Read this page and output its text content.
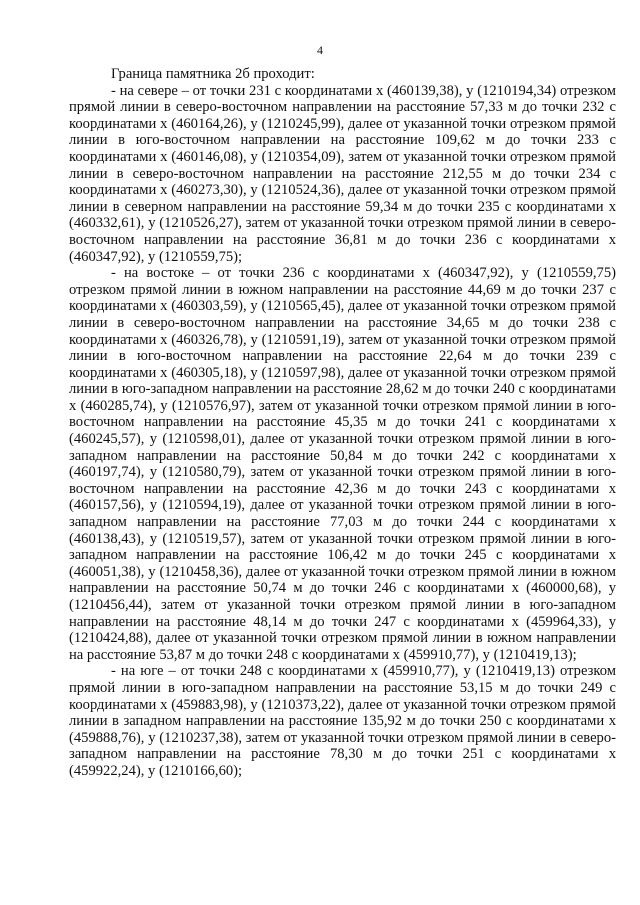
4

Граница памятника 2б проходит:

- на севере – от точки 231 с координатами х (460139,38), у (1210194,34) отрезком прямой линии в северо-восточном направлении на расстояние 57,33 м до точки 232 с координатами х (460164,26), у (1210245,99), далее от указанной точки отрезком прямой линии в юго-восточном направлении на расстояние 109,62 м до точки 233 с координатами х (460146,08), у (1210354,09), затем от указанной точки отрезком прямой линии в северо-восточном направлении на расстояние 212,55 м до точки 234 с координатами х (460273,30), у (1210524,36), далее от указанной точки отрезком прямой линии в северном направлении на расстояние 59,34 м до точки 235 с координатами х (460332,61), у (1210526,27), затем от указанной точки отрезком прямой линии в северо-восточном направлении на расстояние 36,81 м до точки 236 с координатами х (460347,92), у (1210559,75);

- на востоке – от точки 236 с координатами х (460347,92), у (1210559,75) отрезком прямой линии в южном направлении на расстояние 44,69 м до точки 237 с координатами х (460303,59), у (1210565,45), далее от указанной точки отрезком прямой линии в северо-восточном направлении на расстояние 34,65 м до точки 238 с координатами х (460326,78), у (1210591,19), затем от указанной точки отрезком прямой линии в юго-восточном направлении на расстояние 22,64 м до точки 239 с координатами х (460305,18), у (1210597,98), далее от указанной точки отрезком прямой линии в юго-западном направлении на расстояние 28,62 м до точки 240 с координатами х (460285,74), у (1210576,97), затем от указанной точки отрезком прямой линии в юго-восточном направлении на расстояние 45,35 м до точки 241 с координатами х (460245,57), у (1210598,01), далее от указанной точки отрезком прямой линии в юго-западном направлении на расстояние 50,84 м до точки 242 с координатами х (460197,74), у (1210580,79), затем от указанной точки отрезком прямой линии в юго-восточном направлении на расстояние 42,36 м до точки 243 с координатами х (460157,56), у (1210594,19), далее от указанной точки отрезком прямой линии в юго-западном направлении на расстояние 77,03 м до точки 244 с координатами х (460138,43), у (1210519,57), затем от указанной точки отрезком прямой линии в юго-западном направлении на расстояние 106,42 м до точки 245 с координатами х (460051,38), у (1210458,36), далее от указанной точки отрезком прямой линии в южном направлении на расстояние 50,74 м до точки 246 с координатами х (460000,68), у (1210456,44), затем от указанной точки отрезком прямой линии в юго-западном направлении на расстояние 48,14 м до точки 247 с координатами х (459964,33), у (1210424,88), далее от указанной точки отрезком прямой линии в южном направлении на расстояние 53,87 м до точки 248 с координатами х (459910,77), у (1210419,13);

- на юге – от точки 248 с координатами х (459910,77), у (1210419,13) отрезком прямой линии в юго-западном направлении на расстояние 53,15 м до точки 249 с координатами х (459883,98), у (1210373,22), далее от указанной точки отрезком прямой линии в западном направлении на расстояние 135,92 м до точки 250 с координатами х (459888,76), у (1210237,38), затем от указанной точки отрезком прямой линии в северо-западном направлении на расстояние 78,30 м до точки 251 с координатами х (459922,24), у (1210166,60);
